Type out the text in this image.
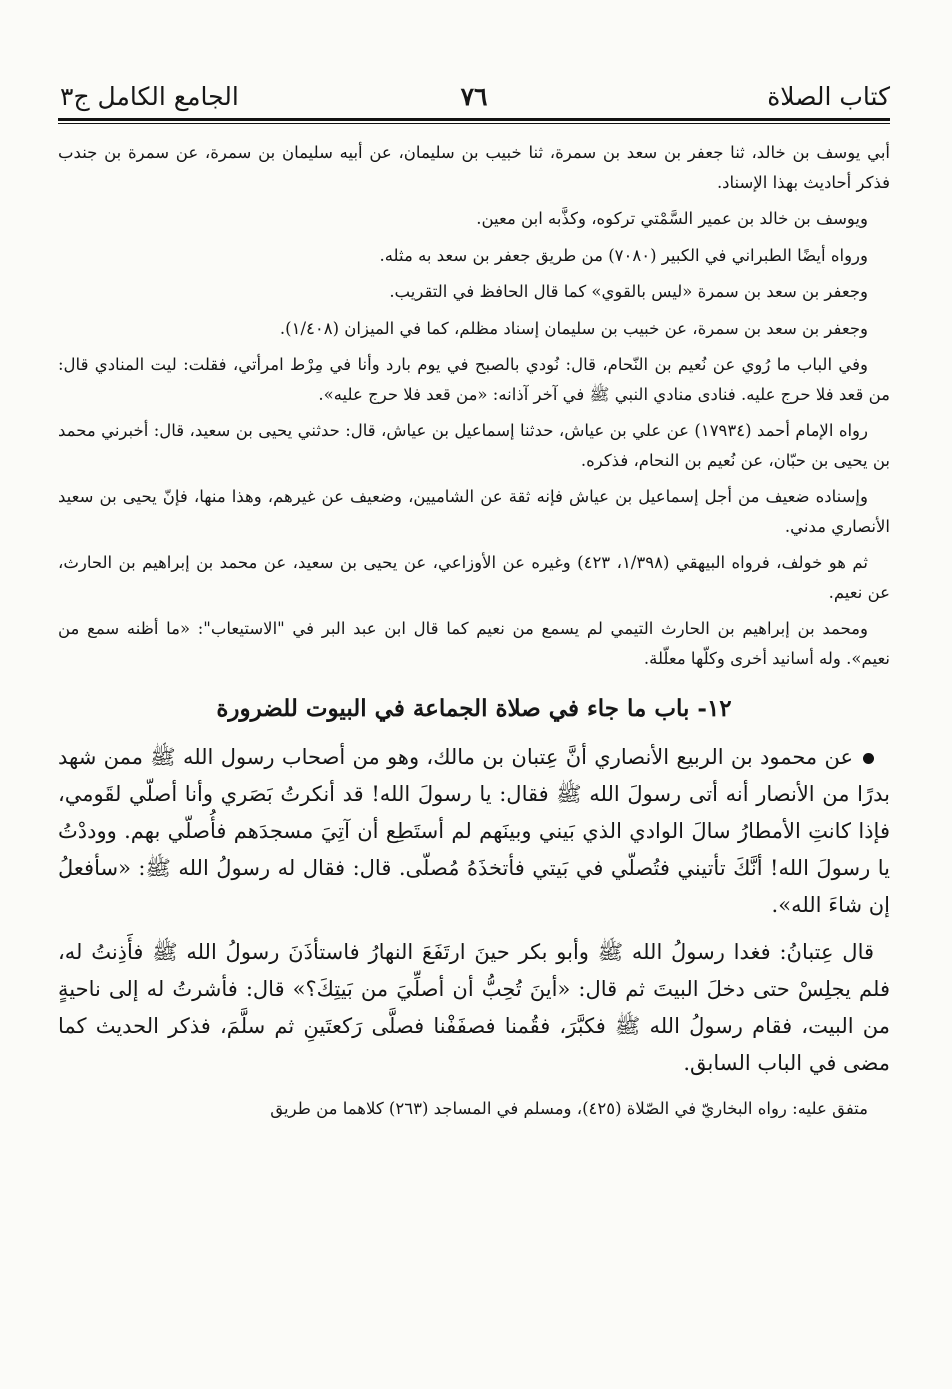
كتاب الصلاة
٧٦
الجامع الكامل ج٣

أبي يوسف بن خالد، ثنا جعفر بن سعد بن سمرة، ثنا خبيب بن سليمان، عن أبيه سليمان بن سمرة، عن سمرة بن جندب فذكر أحاديث بهذا الإسناد.

ويوسف بن خالد بن عمير السَّمْتي تركوه، وكذَّبه ابن معين.

ورواه أيضًا الطبراني في الكبير (٧٠٨٠) من طريق جعفر بن سعد به مثله.

وجعفر بن سعد بن سمرة «ليس بالقوي» كما قال الحافظ في التقريب.

وجعفر بن سعد بن سمرة، عن خبيب بن سليمان إسناد مظلم، كما في الميزان (١/٤٠٨).

وفي الباب ما رُوي عن نُعيم بن النّحام، قال: نُودي بالصبح في يوم بارد وأنا في مِرْط امرأتي، فقلت: ليت المنادي قال: من قعد فلا حرج عليه. فنادى منادي النبي ﷺ في آخر آذانه: «من قعد فلا حرج عليه».

رواه الإمام أحمد (١٧٩٣٤) عن علي بن عياش، حدثنا إسماعيل بن عياش، قال: حدثني يحيى بن سعيد، قال: أخبرني محمد بن يحيى بن حبّان، عن نُعيم بن النحام، فذكره.

وإسناده ضعيف من أجل إسماعيل بن عياش فإنه ثقة عن الشاميين، وضعيف عن غيرهم، وهذا منها، فإنّ يحيى بن سعيد الأنصاري مدني.

ثم هو خولف، فرواه البيهقي (١/٣٩٨، ٤٢٣) وغيره عن الأوزاعي، عن يحيى بن سعيد، عن محمد بن إبراهيم بن الحارث، عن نعيم.

ومحمد بن إبراهيم بن الحارث التيمي لم يسمع من نعيم كما قال ابن عبد البر في "الاستيعاب": «ما أظنه سمع من نعيم». وله أسانيد أخرى وكلّها معلّلة.

١٢- باب ما جاء في صلاة الجماعة في البيوت للضرورة

عن محمود بن الربيع الأنصاري أنَّ عِتبان بن مالك، وهو من أصحاب رسول الله ﷺ ممن شهد بدرًا من الأنصار أنه أتى رسولَ الله ﷺ فقال: يا رسولَ الله! قد أنكرتُ بَصَري وأنا أصلّي لقَومي، فإذا كانتِ الأمطارُ سالَ الوادي الذي بَيني وبينَهم لم أستَطِع أن آتِيَ مسجدَهم فأُصلّي بهم. ووددْتُ يا رسولَ الله! أنَّكَ تأتيني فتُصلّي في بَيتي فأتخذَهُ مُصلّى. قال: فقال له رسولُ الله ﷺ: «سأفعلُ إن شاءَ الله».

قال عِتبانُ: فغدا رسولُ الله ﷺ وأبو بكر حينَ ارتَفَعَ النهارُ فاستأذَنَ رسولُ الله ﷺ فأَذِنتُ له، فلم يجلِسْ حتى دخلَ البيتَ ثم قال: «أينَ تُحِبُّ أن أصلِّيَ من بَيتِكَ؟» قال: فأشرتُ له إلى ناحيةٍ من البيت، فقام رسولُ الله ﷺ فكبَّرَ، فقُمنا فصفَفْنا فصلَّى رَكعتَينِ ثم سلَّمَ، فذكر الحديث كما مضى في الباب السابق.

متفق عليه: رواه البخاريّ في الصّلاة (٤٢٥)، ومسلم في المساجد (٢٦٣) كلاهما من طريق
